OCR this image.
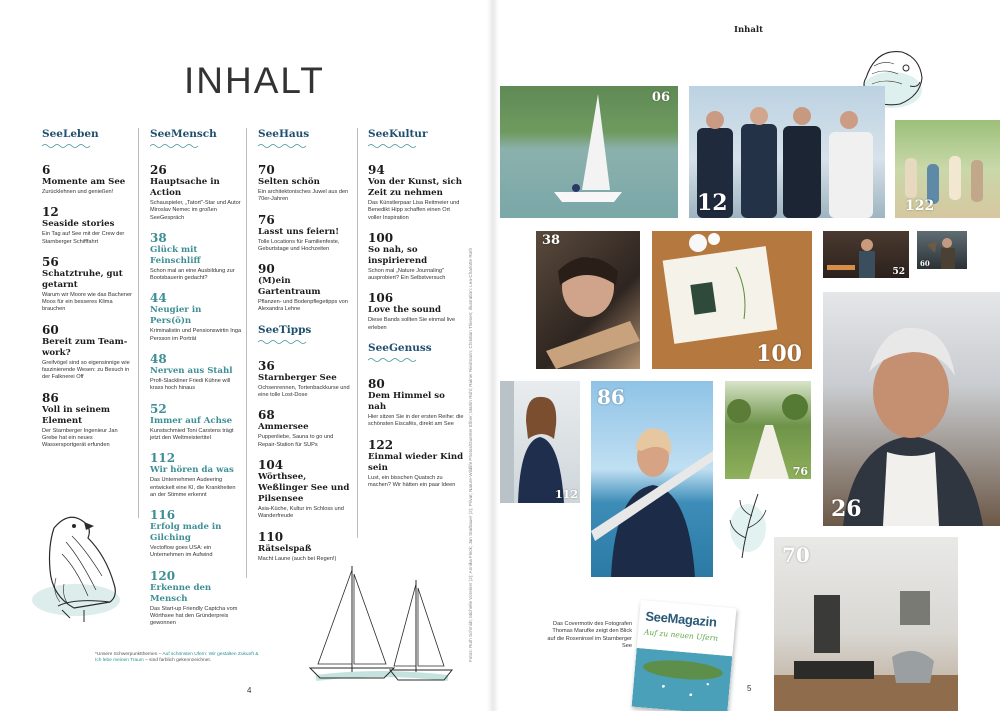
INHALT
SeeLeben
6
Momente am See
Zurücklehnen und genießen!
12
Seaside stories
Ein Tag auf See mit der Crew der Starnberger Schifffahrt
56
Schatztruhe, gut getarnt
Warum wir Moore wie das Bachener Moos für ein besseres Klima brauchen
60
Bereit zum Team-work?
Greifvögel sind so eigensinnige wie faszinierende Wesen: zu Besuch in der Falknerei Off
86
Voll in seinem Element
Der Starnberger Ingenieur Jan Grebe hat ein neues Wassersportgerät erfunden
SeeMensch
26
Hauptsache in Action
Schauspieler, „Tatort"-Star und Autor Miroslav Nemec im großen SeeGespräch
38
Glück mit Feinschliff
Schon mal an eine Ausbildung zur Bootsbauerin gedacht?
44
Neugier in Pers(ö)n
Kriminalistin und Pensionswirtin Inga Persson im Porträt
48
Nerven aus Stahl
Profi-Slackliner Friedi Kühne will krass hoch hinaus
52
Immer auf Achse
Kunstschmied Toni Carstens trägt jetzt den Weltmeistertitel
112
Wir hören da was
Das Unternehmen Audeering entwickelt eine KI, die Krankheiten an der Stimme erkennt
116
Erfolg made in Gilching
Vectoflow goes USA: ein Unternehmen im Aufwind
120
Erkenne den Mensch
Das Start-up Friendly Captcha vom Wörthsee hat den Gründerpreis gewonnen
SeeHaus
70
Selten schön
Ein architektonisches Juwel aus den 70er-Jahren
76
Lasst uns feiern!
Tolle Locations für Familienfeste, Geburtstage und Hochzeiten
90
(M)ein Gartentraum
Pflanzen- und Bodenpflegetipps von Alexandra Lehne
SeeTipps
36
Starnberger See
Ochsenrennen, Tortenbackkurse und eine tolle Lost-Dose
68
Ammersee
Puppenliebe, Sauna to go und Repair-Station für SUPs
104
Wörthsee, Weßlinger See und Pilsensee
Asia-Küche, Kultur im Schloss und Wanderfreude
110
Rätselspaß
Macht Laune (auch bei Regen!)
SeeKultur
94
Von der Kunst, sich Zeit zu nehmen
Das Künstlerpaar Lisa Reitmeier und Benedikt Hipp schaffen einen Ort voller Inspiration
100
So nah, so inspirierend
Schon mal „Nature Journaling" ausprobiert? Ein Selbstversuch
106
Love the sound
Diese Bands sollten Sie einmal live erleben
SeeGenuss
80
Dem Himmel so nah
Hier sitzen Sie in der ersten Reihe: die schönsten Eiscafés, direkt am See
122
Einmal wieder Kind sein
Lust, ein bisschen Quatsch zu machen? Wir hätten ein paar Ideen
*Unsere Schwerpunktthemen – Auf schönsten Ufern: Wir gestalten Zukunft & Ich lebe meinen Traum – sind farblich gekennzeichnet.
4
Fotos: Ruth Schmidt; Michelle Voreiner (2); Annika Fleck; Jan Starbauer (2); Privat; Nature-Wildlife Photos/Guenter Ellner; Martin Rühl; Rainer Riedmann; Christian Thiesen; Illustration: Lea-Charlotte Roth
Inhalt
06
12	122
38
100
52
60
26
112
86
76
70
Das Covermotiv des Fotografen Thomas Marufke zeigt den Blick auf die Roseninsel im Starnberger See
SeeMagazin
Auf zu neuen Ufern
5
